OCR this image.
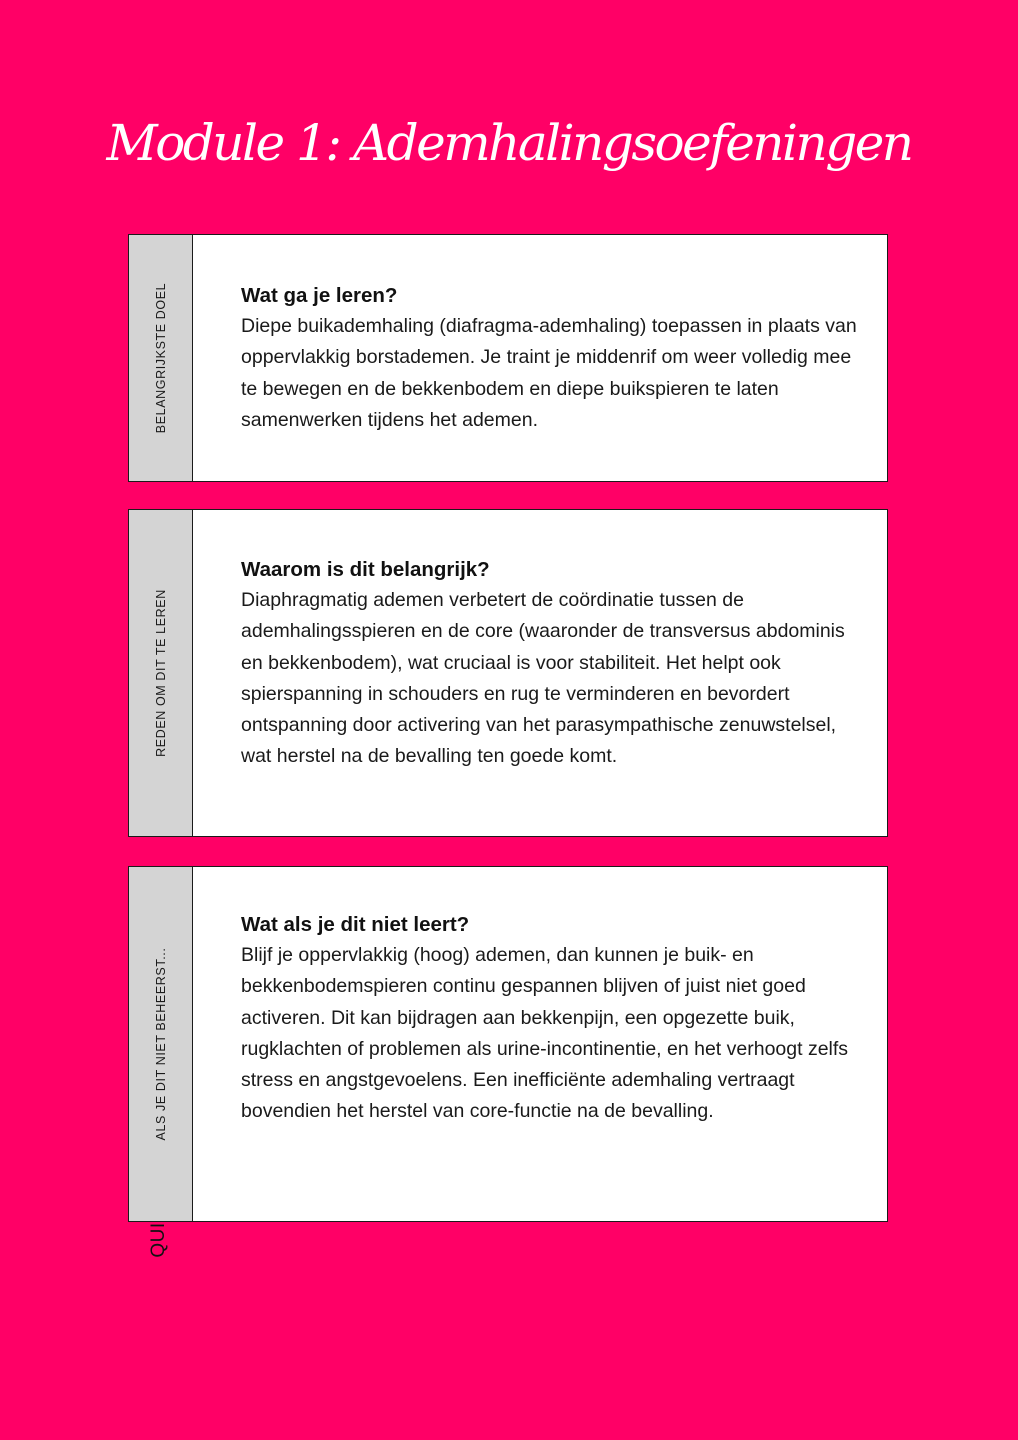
Module 1: Ademhalingsoefeningen
BELANGRIJKSTE DOEL	Wat ga je leren?

Diepe buikademhaling (diafragma-ademhaling) toepassen in plaats van oppervlakkig borstademen. Je traint je middenrif om weer volledig mee te bewegen en de bekkenbodem en diepe buikspieren te laten samenwerken tijdens het ademen.

REDEN OM DIT TE LEREN

Waarom is dit belangrijk?

Diaphragmatig ademen verbetert de coördinatie tussen de ademhalingsspieren en de core (waaronder de transversus abdominis en bekkenbodem), wat cruciaal is voor stabiliteit. Het helpt ook spierspanning in schouders en rug te verminderen en bevordert ontspanning door activering van het parasympathische zenuwstelsel, wat herstel na de bevalling ten goede komt.

ALS JE DIT NIET BEHEERST...

Wat als je dit niet leert?

Blijf je oppervlakkig (hoog) ademen, dan kunnen je buik- en bekkenbodemspieren continu gespannen blijven of juist niet goed activeren. Dit kan bijdragen aan bekkenpijn, een opgezette buik, rugklachten of problemen als urine-incontinentie, en het verhoogt zelfs stress en angstgevoelens. Een inefficiënte ademhaling vertraagt bovendien het herstel van core-functie na de bevalling.

QUI
